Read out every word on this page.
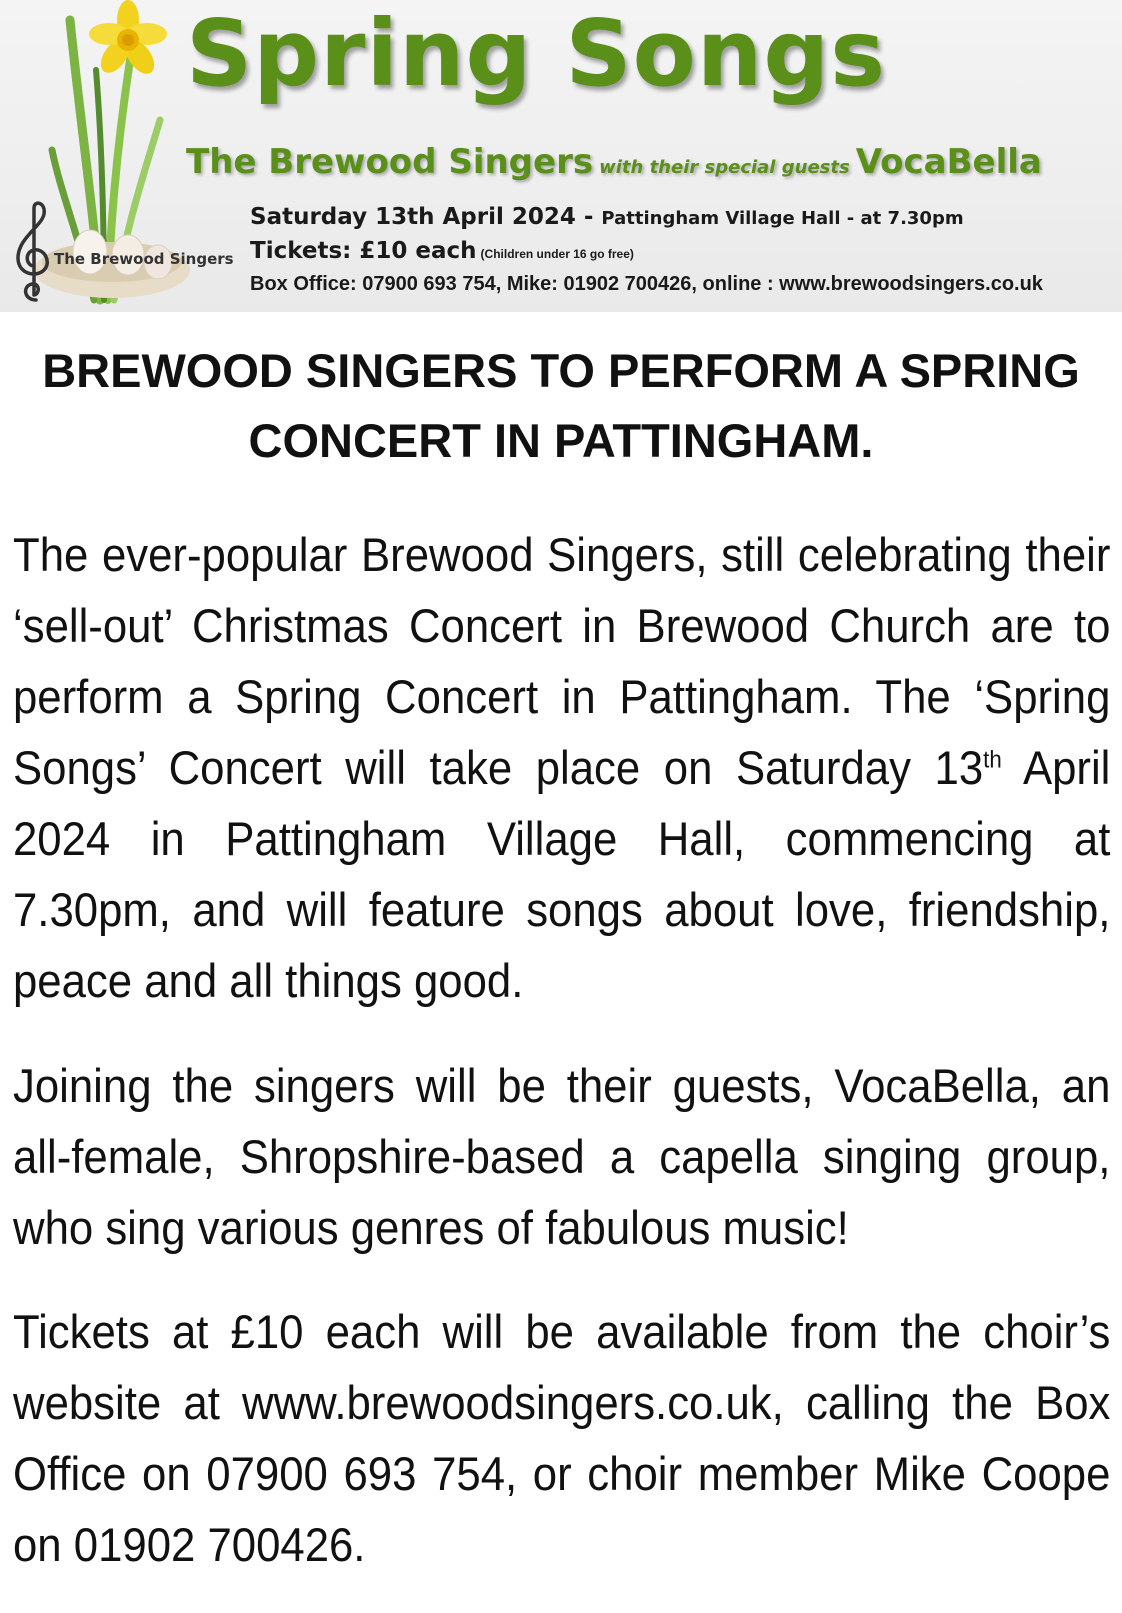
Spring Songs
The Brewood Singers with their special guests VocaBella
Saturday 13th April 2024 - Pattingham Village Hall - at 7.30pm
The Brewood Singers Tickets: £10 each (Children under 16 go free)
Box Office: 07900 693 754, Mike: 01902 700426, online : www.brewoodsingers.co.uk
BREWOOD SINGERS TO PERFORM A SPRING CONCERT IN PATTINGHAM.

The ever-popular Brewood Singers, still celebrating their ‘sell-out’ Christmas Concert in Brewood Church are to perform a Spring Concert in Pattingham. The ‘Spring Songs’ Concert will take place on Saturday 13th April 2024 in Pattingham Village Hall, commencing at 7.30pm, and will feature songs about love, friendship, peace and all things good.

Joining the singers will be their guests, VocaBella, an all-female, Shropshire-based a capella singing group, who sing various genres of fabulous music!

Tickets at £10 each will be available from the choir’s website at www.brewoodsingers.co.uk, calling the Box Office on 07900 693 754, or choir member Mike Coope on 01902 700426.
